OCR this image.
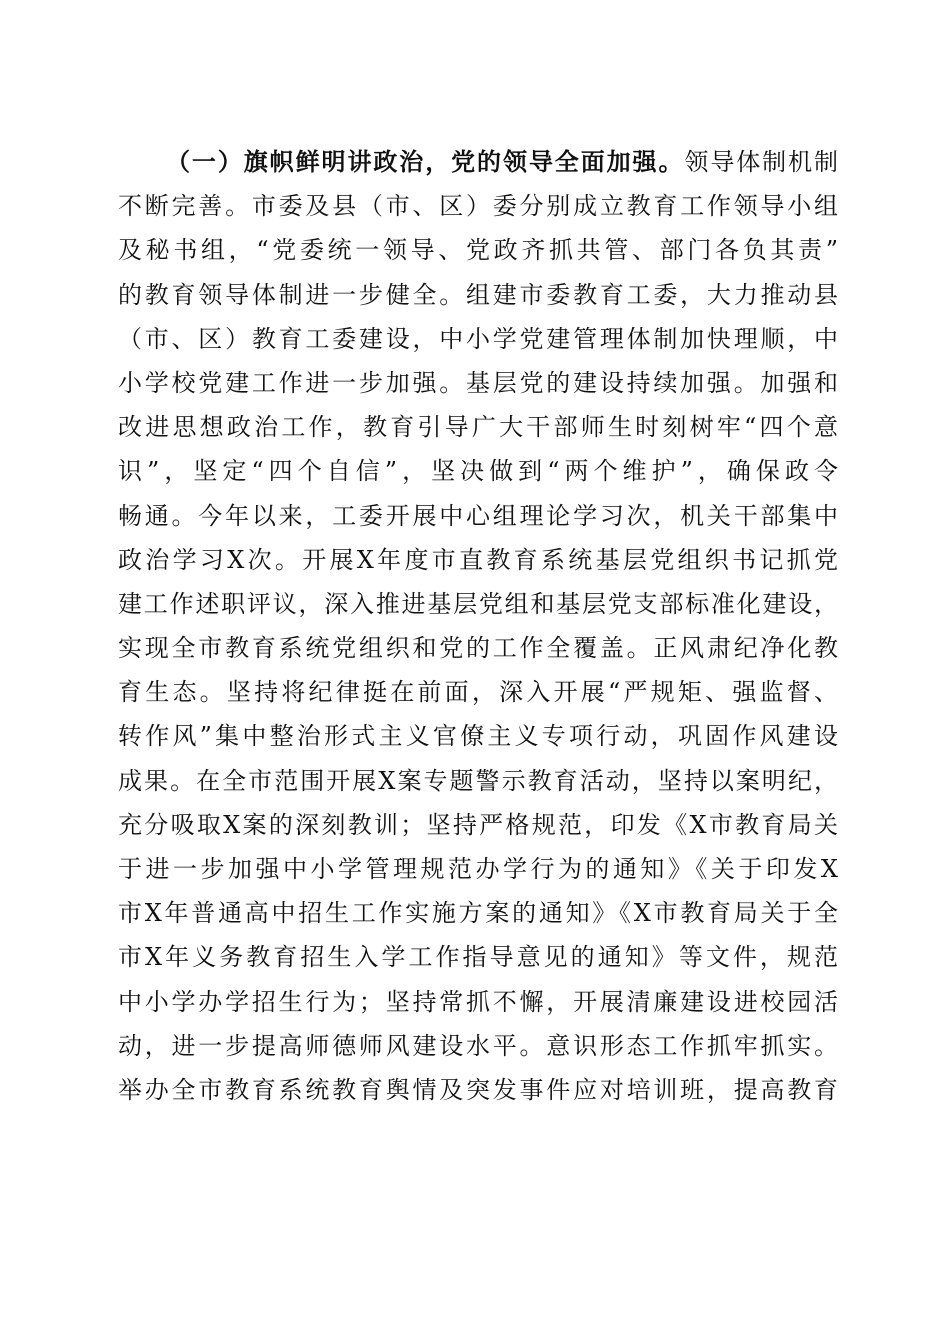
（一）旗帜鲜明讲政治，党的领导全面加强。领导体制机制
不断完善。市委及县（市、区）委分别成立教育工作领导小组
及秘书组，“党委统一领导、党政齐抓共管、部门各负其责”
的教育领导体制进一步健全。组建市委教育工委，大力推动县
（市、区）教育工委建设，中小学党建管理体制加快理顺，中
小学校党建工作进一步加强。基层党的建设持续加强。加强和
改进思想政治工作，教育引导广大干部师生时刻树牢“四个意
识”，坚定“四个自信”，坚决做到“两个维护”，确保政令
畅通。今年以来，工委开展中心组理论学习次，机关干部集中
政治学习X次。开展X年度市直教育系统基层党组织书记抓党
建工作述职评议，深入推进基层党组和基层党支部标准化建设，
实现全市教育系统党组织和党的工作全覆盖。正风肃纪净化教
育生态。坚持将纪律挺在前面，深入开展“严规矩、强监督、
转作风”集中整治形式主义官僚主义专项行动，巩固作风建设
成果。在全市范围开展X案专题警示教育活动，坚持以案明纪，
充分吸取X案的深刻教训；坚持严格规范，印发《X市教育局关
于进一步加强中小学管理规范办学行为的通知》《关于印发X
市X年普通高中招生工作实施方案的通知》《X市教育局关于全
市X年义务教育招生入学工作指导意见的通知》等文件，规范
中小学办学招生行为；坚持常抓不懈，开展清廉建设进校园活
动，进一步提高师德师风建设水平。意识形态工作抓牢抓实。
举办全市教育系统教育舆情及突发事件应对培训班，提高教育
